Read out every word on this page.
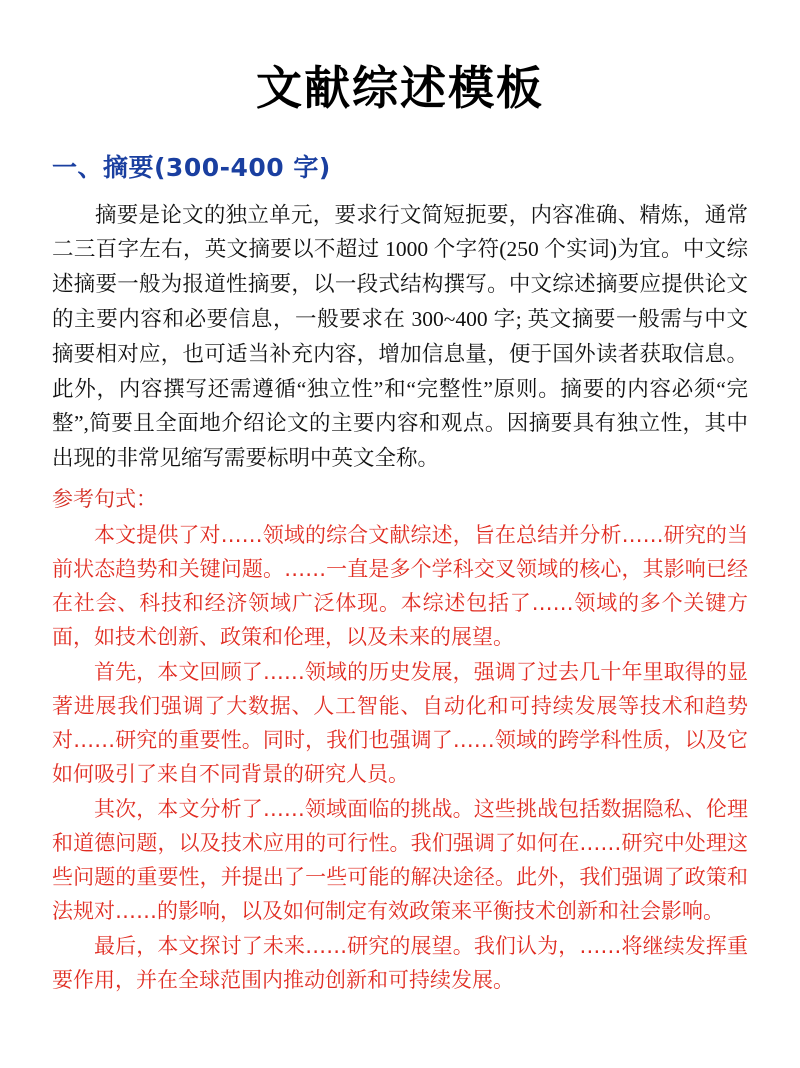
文献综述模板
一、摘要(300-400 字)

摘要是论文的独立单元，要求行文简短扼要，内容准确、精炼，通常二三百字左右，英文摘要以不超过 1000 个字符(250 个实词)为宜。中文综述摘要一般为报道性摘要，以一段式结构撰写。中文综述摘要应提供论文的主要内容和必要信息，一般要求在 300~400 字; 英文摘要一般需与中文摘要相对应，也可适当补充内容，增加信息量，便于国外读者获取信息。此外，内容撰写还需遵循“独立性”和“完整性”原则。摘要的内容必须“完整”,简要且全面地介绍论文的主要内容和观点。因摘要具有独立性，其中出现的非常见缩写需要标明中英文全称。

参考句式：

本文提供了对……领域的综合文献综述，旨在总结并分析……研究的当前状态趋势和关键问题。……一直是多个学科交叉领域的核心，其影响已经在社会、科技和经济领域广泛体现。本综述包括了……领域的多个关键方面，如技术创新、政策和伦理，以及未来的展望。

首先，本文回顾了……领域的历史发展，强调了过去几十年里取得的显著进展我们强调了大数据、人工智能、自动化和可持续发展等技术和趋势对……研究的重要性。同时，我们也强调了……领域的跨学科性质，以及它如何吸引了来自不同背景的研究人员。

其次，本文分析了……领域面临的挑战。这些挑战包括数据隐私、伦理和道德问题，以及技术应用的可行性。我们强调了如何在……研究中处理这些问题的重要性，并提出了一些可能的解决途径。此外，我们强调了政策和法规对……的影响，以及如何制定有效政策来平衡技术创新和社会影响。

最后，本文探讨了未来……研究的展望。我们认为，……将继续发挥重要作用，并在全球范围内推动创新和可持续发展。
